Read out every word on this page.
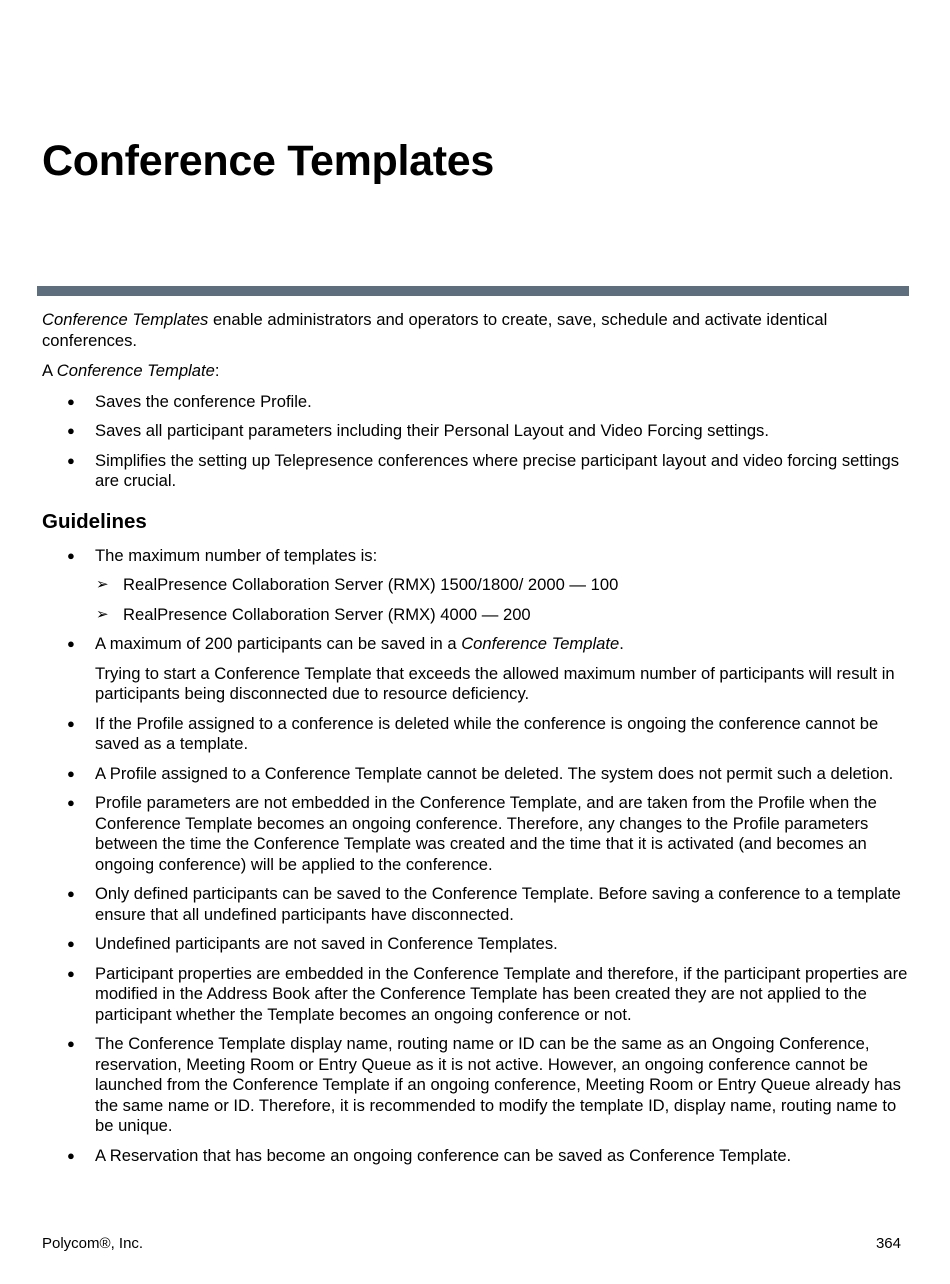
Conference Templates

Conference Templates enable administrators and operators to create, save, schedule and activate identical conferences.

A Conference Template:

● Saves the conference Profile.
● Saves all participant parameters including their Personal Layout and Video Forcing settings.
● Simplifies the setting up Telepresence conferences where precise participant layout and video forcing settings are crucial.
Guidelines
● The maximum number of templates is:
➢ RealPresence Collaboration Server (RMX) 1500/1800/ 2000 — 100
➢ RealPresence Collaboration Server (RMX) 4000 — 200
● A maximum of 200 participants can be saved in a Conference Template.
Trying to start a Conference Template that exceeds the allowed maximum number of participants will result in participants being disconnected due to resource deficiency.
● If the Profile assigned to a conference is deleted while the conference is ongoing the conference cannot be saved as a template.
● A Profile assigned to a Conference Template cannot be deleted. The system does not permit such a deletion.
● Profile parameters are not embedded in the Conference Template, and are taken from the Profile when the Conference Template becomes an ongoing conference. Therefore, any changes to the Profile parameters between the time the Conference Template was created and the time that it is activated (and becomes an ongoing conference) will be applied to the conference.
● Only defined participants can be saved to the Conference Template. Before saving a conference to a template ensure that all undefined participants have disconnected.
● Undefined participants are not saved in Conference Templates.
● Participant properties are embedded in the Conference Template and therefore, if the participant properties are modified in the Address Book after the Conference Template has been created they are not applied to the participant whether the Template becomes an ongoing conference or not.
● The Conference Template display name, routing name or ID can be the same as an Ongoing Conference, reservation, Meeting Room or Entry Queue as it is not active. However, an ongoing conference cannot be launched from the Conference Template if an ongoing conference, Meeting Room or Entry Queue already has the same name or ID. Therefore, it is recommended to modify the template ID, display name, routing name to be unique.
● A Reservation that has become an ongoing conference can be saved as Conference Template.
Polycom®, Inc.	364
